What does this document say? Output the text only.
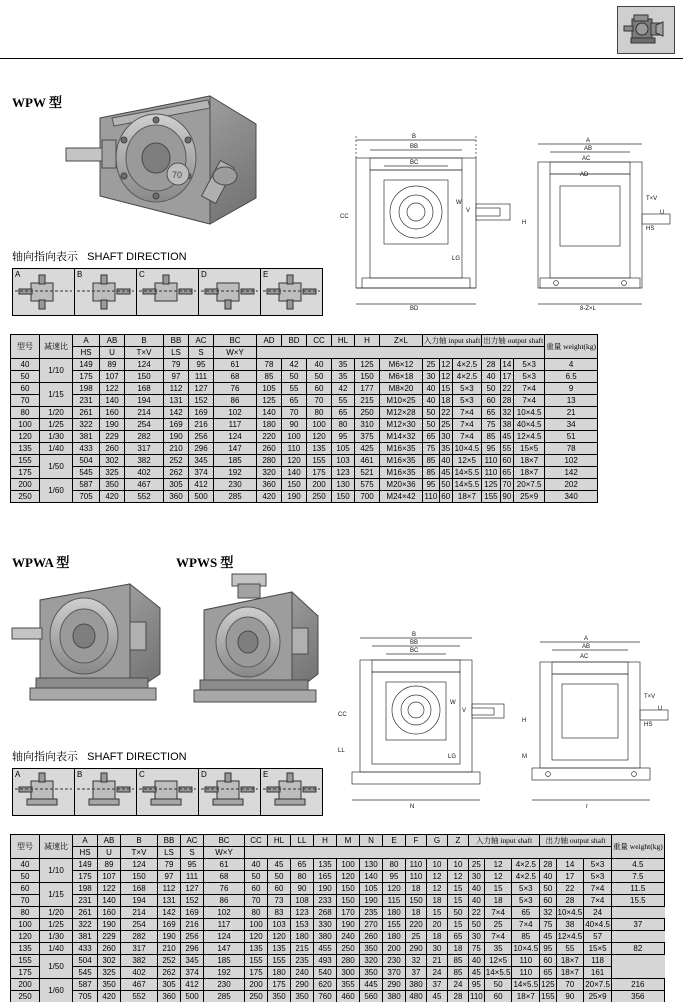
WPW 型
70
轴向指向表示 SHAFT DIRECTION
A	B	C	D	E
B
BB
BC
W
V
LG
BD
CC
A
AB
AC
AD
T×V
U
HS
8-Z×L
H
型号	减速比	A	AB	B	BB	AC	BC	AD	BD	CC	HL	H	Z×L	入力轴 input shaft			出力轴 output shaft			重量 weight(kg)
		HS	U	T×V	LS	S	W×Y													
40	1/10	149	89	124	79	95	61	78	42	40	35	125	M6×12	25	12	4×2.5	28	14	5×3	4
50		175	107	150	97	111	68	85	50	50	35	150	M6×18	30	12	4×2.5	40	17	5×3	6.5
60	1/15	198	122	168	112	127	76	105	55	60	42	177	M8×20	40	15	5×3	50	22	7×4	9
70		231	140	194	131	152	86	125	65	70	55	215	M10×25	40	18	5×3	60	28	7×4	13
80	1/20	261	160	214	142	169	102	140	70	80	65	250	M12×28	50	22	7×4	65	32	10×4.5	21
100	1/25	322	190	254	169	216	117	180	90	100	80	310	M12×30	50	25	7×4	75	38	40×4.5	34
120	1/30	381	229	282	190	256	124	220	100	120	95	375	M14×32	65	30	7×4	85	45	12×4.5	51
135	1/40	433	260	317	210	296	147	260	110	135	105	425	M16×35	75	35	10×4.5	95	55	15×5	78
155	1/50	504	302	382	252	345	185	280	120	155	103	461	M16×35	85	40	12×5	110	60	18×7	102
175		545	325	402	262	374	192	320	140	175	123	521	M16×35	85	45	14×5.5	110	65	18×7	142
200	1/60	587	350	467	305	412	230	360	150	200	130	575	M20×36	95	50	14×5.5	125	70	20×7.5	202
250		705	420	552	360	500	285	420	190	250	150	700	M24×42	110	60	18×7	155	90	25×9	340
WPWA 型	WPWS 型
轴向指向表示 SHAFT DIRECTION
A	B	C	D	E
B
BB
BC
W
V
LG
N
CC
LL
A
AB
AC
T×V
U
HS
r
H
M
型号	减速比	A	AB	B	BB	AC	BC	CC	HL	LL	H	M	N	E	F	G	Z	入力轴 input shaft			出力轴 output shaft			重量 weight(kg)
		HS	U	T×V	LS	S	W×Y																	
40	1/10	149	89	124	79	95	61	40	45	65	135	100	130	80	110	10	10	25	12	4×2.5	28	14	5×3	4.5
50		175	107	150	97	111	68	50	50	80	165	120	140	95	110	12	12	30	12	4×2.5	40	17	5×3	7.5
60	1/15	198	122	168	112	127	76	60	60	90	190	150	105	120	18	12	15	40	15	5×3	50	22	7×4	11.5
70		231	140	194	131	152	86	70	73	108	233	150	190	115	150	18	15	40	18	5×3	60	28	7×4	15.5
80	1/20	261	160	214	142	169	102	80	83	123	268	170	235	180	18	15	50	22	7×4	65	32	10×4.5	24	
100	1/25	322	190	254	169	216	117	100	103	153	330	190	270	155	220	20	15	50	25	7×4	75	38	40×4.5	37
120	1/30	381	229	282	190	256	124	120	120	180	380	240	260	180	25	18	65	30	7×4	85	45	12×4.5	57	
135	1/40	433	260	317	210	296	147	135	135	215	455	250	350	200	290	30	18	75	35	10×4.5	95	55	15×5	82
155	1/50	504	302	382	252	345	185	155	155	235	493	280	320	230	32	21	85	40	12×5	110	60	18×7	118	
175		545	325	402	262	374	192	175	180	240	540	300	350	370	37	24	85	45	14×5.5	110	65	18×7	161	
200	1/60	587	350	467	305	412	230	200	175	290	620	355	445	290	380	37	24	95	50	14×5.5	125	70	20×7.5	216
250		705	420	552	360	500	285	250	350	350	760	460	560	380	480	45	28	110	60	18×7	155	90	25×9	356
